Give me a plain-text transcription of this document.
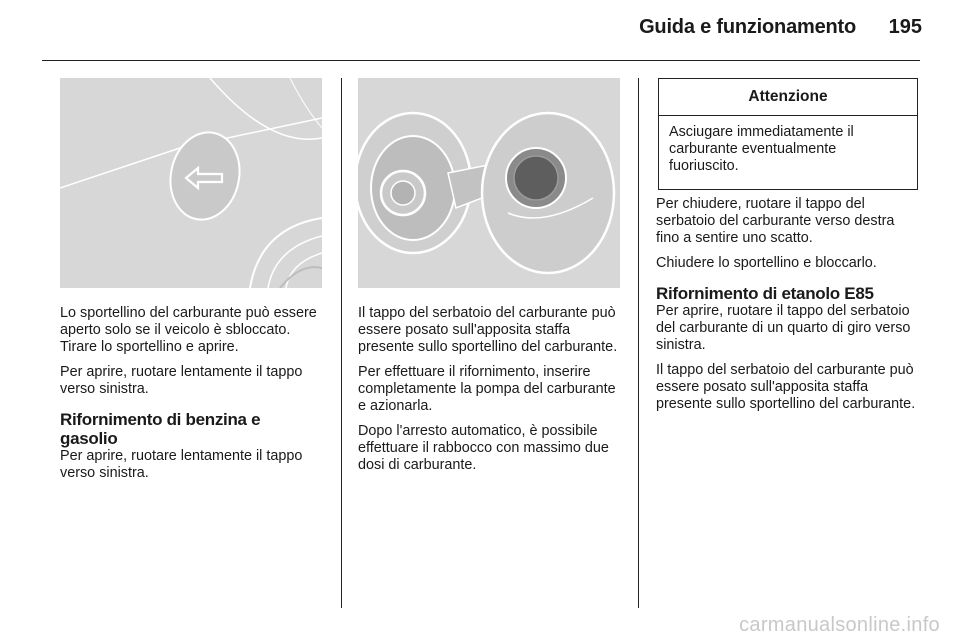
Guida e funzionamento	195

Lo sportellino del carburante può essere aperto solo se il veicolo è sbloccato. Tirare lo sportellino e aprire.

Per aprire, ruotare lentamente il tappo verso sinistra.

Rifornimento di benzina e gasolio

Per aprire, ruotare lentamente il tappo verso sinistra.

Il tappo del serbatoio del carburante può essere posato sull'apposita staffa presente sullo sportellino del carburante.

Per effettuare il rifornimento, inserire completamente la pompa del carburante e azionarla.

Dopo l'arresto automatico, è possibile effettuare il rabbocco con massimo due dosi di carburante.

Attenzione
Asciugare immediatamente il carburante eventualmente fuoriuscito.

Per chiudere, ruotare il tappo del serbatoio del carburante verso destra fino a sentire uno scatto.

Chiudere lo sportellino e bloccarlo.

Rifornimento di etanolo E85

Per aprire, ruotare il tappo del serbatoio del carburante di un quarto di giro verso sinistra.

Il tappo del serbatoio del carburante può essere posato sull'apposita staffa presente sullo sportellino del carburante.

carmanualsonline.info
